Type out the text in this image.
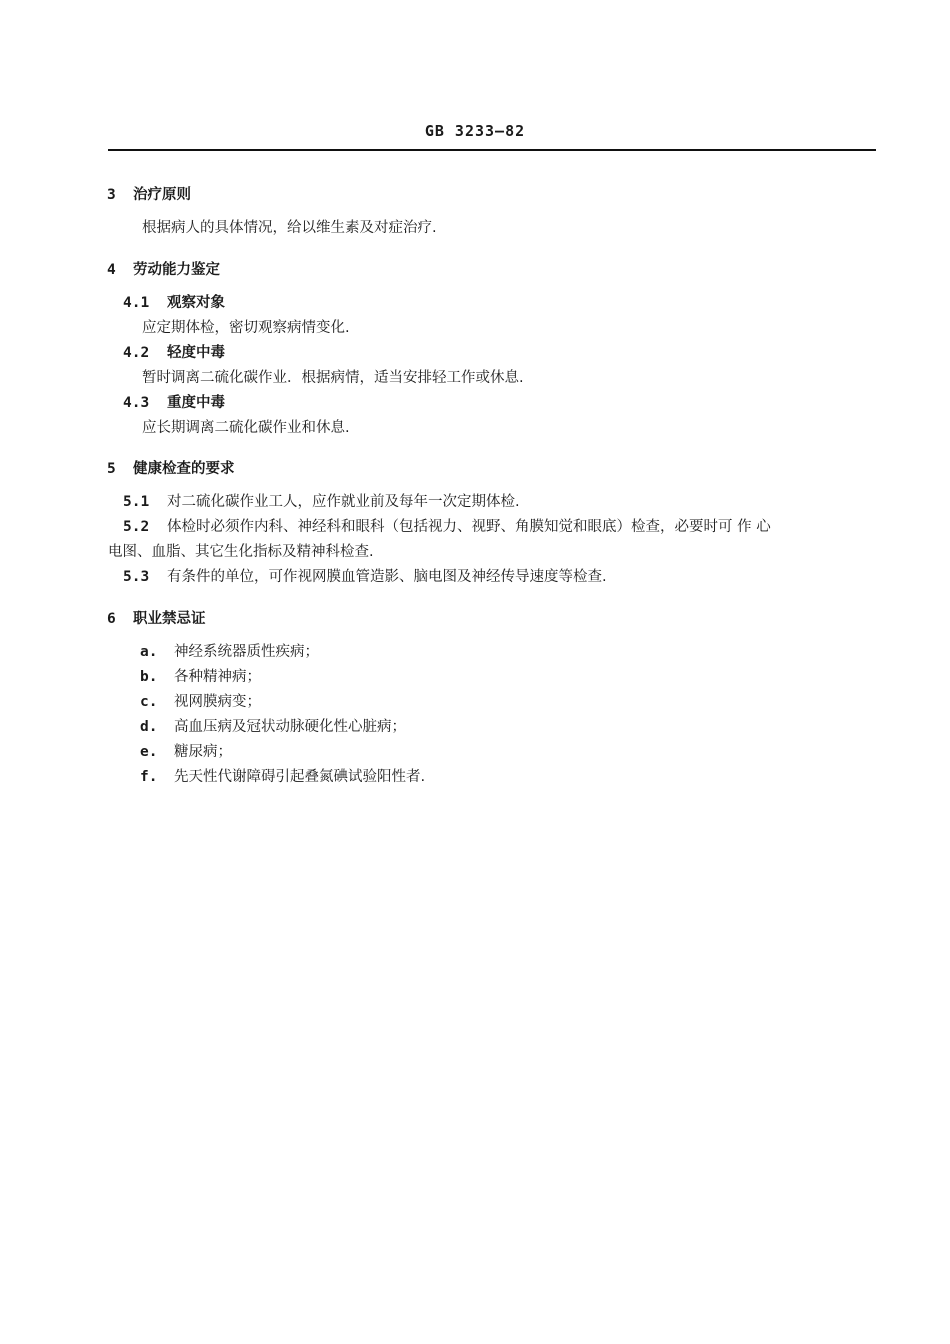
GB 3233—82
3 治疗原则
根据病人的具体情况，给以维生素及对症治疗.
4 劳动能力鉴定
4.1 观察对象
应定期体检，密切观察病情变化.
4.2 轻度中毒
暂时调离二硫化碳作业．根据病情，适当安排轻工作或休息.
4.3 重度中毒
应长期调离二硫化碳作业和休息.
5 健康检查的要求
5.1 对二硫化碳作业工人，应作就业前及每年一次定期体检.
5.2 体检时必须作内科、神经科和眼科（包括视力、视野、角膜知觉和眼底）检查，必要时可 作 心
电图、血脂、其它生化指标及精神科检查.
5.3 有条件的单位，可作视网膜血管造影、脑电图及神经传导速度等检查.
6 职业禁忌证
a. 神经系统器质性疾病；
b. 各种精神病；
c. 视网膜病变；
d. 高血压病及冠状动脉硬化性心脏病；
e. 糖尿病；
f. 先天性代谢障碍引起叠氮碘试验阳性者.
